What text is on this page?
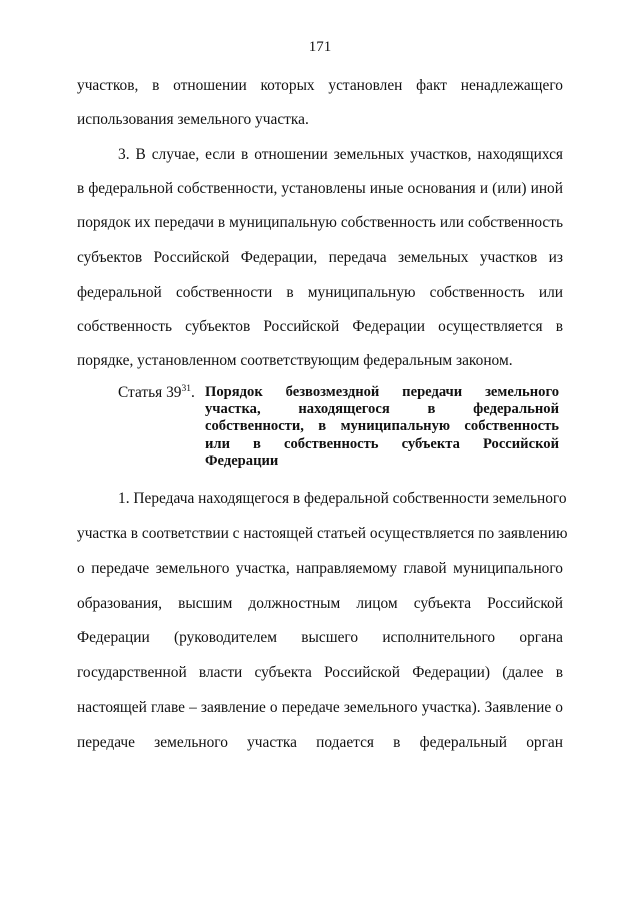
171
участков, в отношении которых установлен факт ненадлежащего
использования земельного участка.
3. В случае, если в отношении земельных участков, находящихся
в федеральной собственности, установлены иные основания и (или) иной
порядок их передачи в муниципальную собственность или собственность
субъектов Российской Федерации, передача земельных участков из
федеральной собственности в муниципальную собственность или
собственность субъектов Российской Федерации осуществляется в
порядке, установленном соответствующим федеральным законом.
Статья $39^{31}$. Порядок безвозмездной передачи земельного
участка, находящегося в федеральной
собственности, в муниципальную собственность
или в собственность субъекта Российской
Федерации
1. Передача находящегося в федеральной собственности земельного
участка в соответствии с настоящей статьей осуществляется по заявлению
о передаче земельного участка, направляемому главой муниципального
образования, высшим должностным лицом субъекта Российской
Федерации (руководителем высшего исполнительного органа
государственной власти субъекта Российской Федерации) (далее в
настоящей главе – заявление о передаче земельного участка). Заявление о
передаче земельного участка подается в федеральный орган
